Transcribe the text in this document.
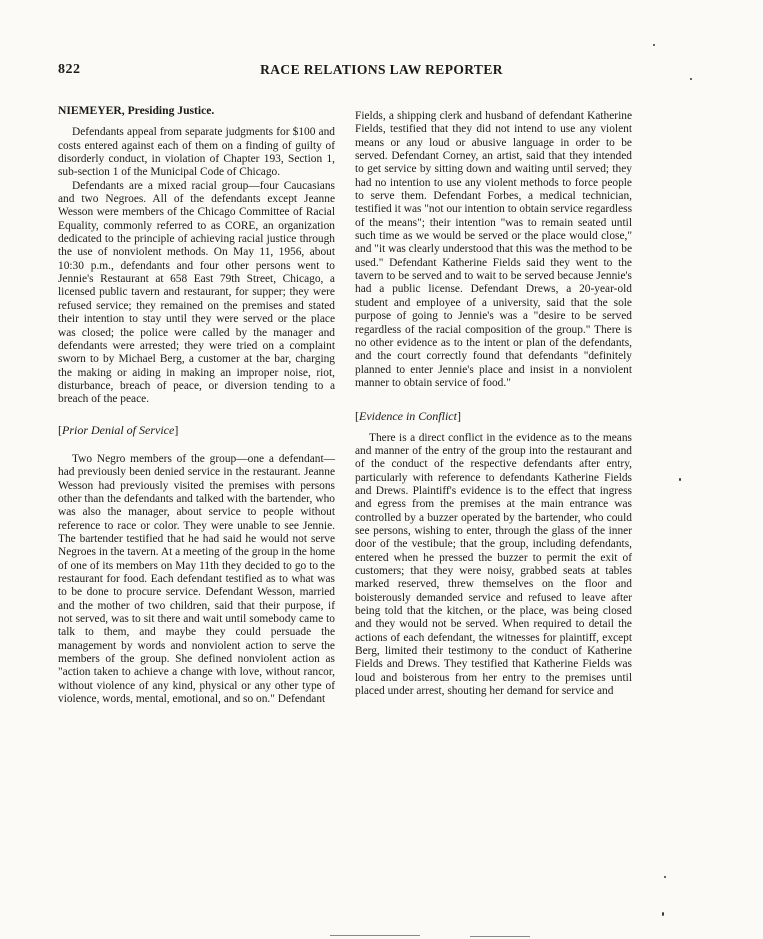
822	RACE RELATIONS LAW REPORTER

NIEMEYER, Presiding Justice.

Defendants appeal from separate judgments for $100 and costs entered against each of them on a finding of guilty of disorderly conduct, in violation of Chapter 193, Section 1, sub-section 1 of the Municipal Code of Chicago.

Defendants are a mixed racial group—four Caucasians and two Negroes. All of the defendants except Jeanne Wesson were members of the Chicago Committee of Racial Equality, commonly referred to as CORE, an organization dedicated to the principle of achieving racial justice through the use of nonviolent methods. On May 11, 1956, about 10:30 p.m., defendants and four other persons went to Jennie's Restaurant at 658 East 79th Street, Chicago, a licensed public tavern and restaurant, for supper; they were refused service; they remained on the premises and stated their intention to stay until they were served or the place was closed; the police were called by the manager and defendants were arrested; they were tried on a complaint sworn to by Michael Berg, a customer at the bar, charging the making or aiding in making an improper noise, riot, disturbance, breach of peace, or diversion tending to a breach of the peace.

[Prior Denial of Service]

Two Negro members of the group—one a defendant—had previously been denied service in the restaurant. Jeanne Wesson had previously visited the premises with persons other than the defendants and talked with the bartender, who was also the manager, about service to people without reference to race or color. They were unable to see Jennie. The bartender testified that he had said he would not serve Negroes in the tavern. At a meeting of the group in the home of one of its members on May 11th they decided to go to the restaurant for food. Each defendant testified as to what was to be done to procure service. Defendant Wesson, married and the mother of two children, said that their purpose, if not served, was to sit there and wait until somebody came to talk to them, and maybe they could persuade the management by words and nonviolent action to serve the members of the group. She defined nonviolent action as "action taken to achieve a change with love, without rancor, without violence of any kind, physical or any other type of violence, words, mental, emotional, and so on." Defendant

Fields, a shipping clerk and husband of defendant Katherine Fields, testified that they did not intend to use any violent means or any loud or abusive language in order to be served. Defendant Corney, an artist, said that they intended to get service by sitting down and waiting until served; they had no intention to use any violent methods to force people to serve them. Defendant Forbes, a medical technician, testified it was "not our intention to obtain service regardless of the means"; their intention "was to remain seated until such time as we would be served or the place would close," and "it was clearly understood that this was the method to be used." Defendant Katherine Fields said they went to the tavern to be served and to wait to be served because Jennie's had a public license. Defendant Drews, a 20-year-old student and employee of a university, said that the sole purpose of going to Jennie's was a "desire to be served regardless of the racial composition of the group." There is no other evidence as to the intent or plan of the defendants, and the court correctly found that defendants "definitely planned to enter Jennie's place and insist in a nonviolent manner to obtain service of food."

[Evidence in Conflict]

There is a direct conflict in the evidence as to the means and manner of the entry of the group into the restaurant and of the conduct of the respective defendants after entry, particularly with reference to defendants Katherine Fields and Drews. Plaintiff's evidence is to the effect that ingress and egress from the premises at the main entrance was controlled by a buzzer operated by the bartender, who could see persons, wishing to enter, through the glass of the inner door of the vestibule; that the group, including defendants, entered when he pressed the buzzer to permit the exit of customers; that they were noisy, grabbed seats at tables marked reserved, threw themselves on the floor and boisterously demanded service and refused to leave after being told that the kitchen, or the place, was being closed and they would not be served. When required to detail the actions of each defendant, the witnesses for plaintiff, except Berg, limited their testimony to the conduct of Katherine Fields and Drews. They testified that Katherine Fields was loud and boisterous from her entry to the premises until placed under arrest, shouting her demand for service and
